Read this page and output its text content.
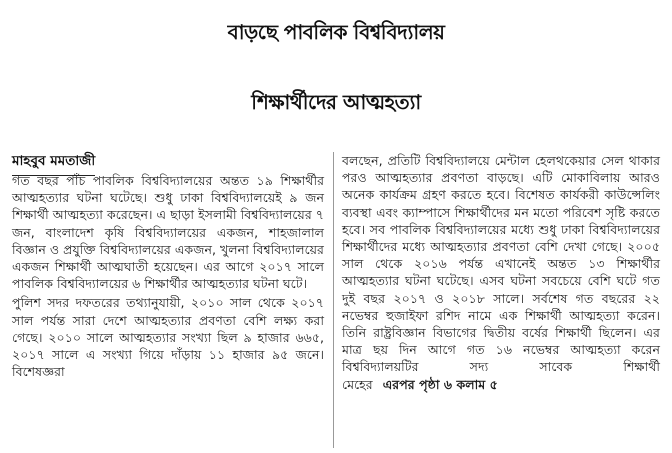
বাড়ছে পাবলিক বিশ্ববিদ্যালয়
শিক্ষার্থীদের আত্মহত্যা
মাহবুব মমতাজী

গত বছর পাঁচ পাবলিক বিশ্ববিদ্যালয়ের অন্তত ১৯ শিক্ষার্থীর আত্মহত্যার ঘটনা ঘটেছে। শুধু ঢাকা বিশ্ববিদ্যালয়েই ৯ জন শিক্ষার্থী আত্মহত্যা করেছেন। এ ছাড়া ইসলামী বিশ্ববিদ্যালয়ের ৭ জন, বাংলাদেশ কৃষি বিশ্ববিদ্যালয়ের একজন, শাহজালাল বিজ্ঞান ও প্রযুক্তি বিশ্ববিদ্যালয়ের একজন, খুলনা বিশ্ববিদ্যালয়ের একজন শিক্ষার্থী আত্মঘাতী হয়েছেন। এর আগে ২০১৭ সালে পাবলিক বিশ্ববিদ্যালয়ের ৬ শিক্ষার্থীর আত্মহত্যার ঘটনা ঘটে।

পুলিশ সদর দফতরের তথ্যানুযায়ী, ২০১০ সাল থেকে ২০১৭ সাল পর্যন্ত সারা দেশে আত্মহত্যার প্রবণতা বেশি লক্ষ্য করা গেছে। ২০১০ সালে আত্মহত্যার সংখ্যা ছিল ৯ হাজার ৬৬৫, ২০১৭ সালে এ সংখ্যা গিয়ে দাঁড়ায় ১১ হাজার ৯৫ জনে। বিশেষজ্ঞরা

বলছেন, প্রতিটি বিশ্ববিদ্যালয়ে মেন্টাল হেলথকেয়ার সেল থাকার পরও আত্মহত্যার প্রবণতা বাড়ছে। এটি মোকাবিলায় আরও অনেক কার্যক্রম গ্রহণ করতে হবে। বিশেষত কার্যকরী কাউন্সেলিং ব্যবস্থা এবং ক্যাম্পাসে শিক্ষার্থীদের মন মতো পরিবেশ সৃষ্টি করতে হবে। সব পাবলিক বিশ্ববিদ্যালয়ের মধ্যে শুধু ঢাকা বিশ্ববিদ্যালয়ের শিক্ষার্থীদের মধ্যে আত্মহত্যার প্রবণতা বেশি দেখা গেছে। ২০০৫ সাল থেকে ২০১৬ পর্যন্ত এখানেই অন্তত ১৩ শিক্ষার্থীর আত্মহত্যার ঘটনা ঘটেছে। এসব ঘটনা সবচেয়ে বেশি ঘটে গত দুই বছর ২০১৭ ও ২০১৮ সালে। সর্বশেষ গত বছরের ২২ নভেম্বর হুজাইফা রশিদ নামে এক শিক্ষার্থী আত্মহত্যা করেন। তিনি রাষ্ট্রবিজ্ঞান বিভাগের দ্বিতীয় বর্ষের শিক্ষার্থী ছিলেন। এর মাত্র ছয় দিন আগে গত ১৬ নভেম্বর আত্মহত্যা করেন বিশ্ববিদ্যালয়টির সদ্য সাবেক শিক্ষার্থী মেহের এরপর পৃষ্ঠা ৬ কলাম ৫
